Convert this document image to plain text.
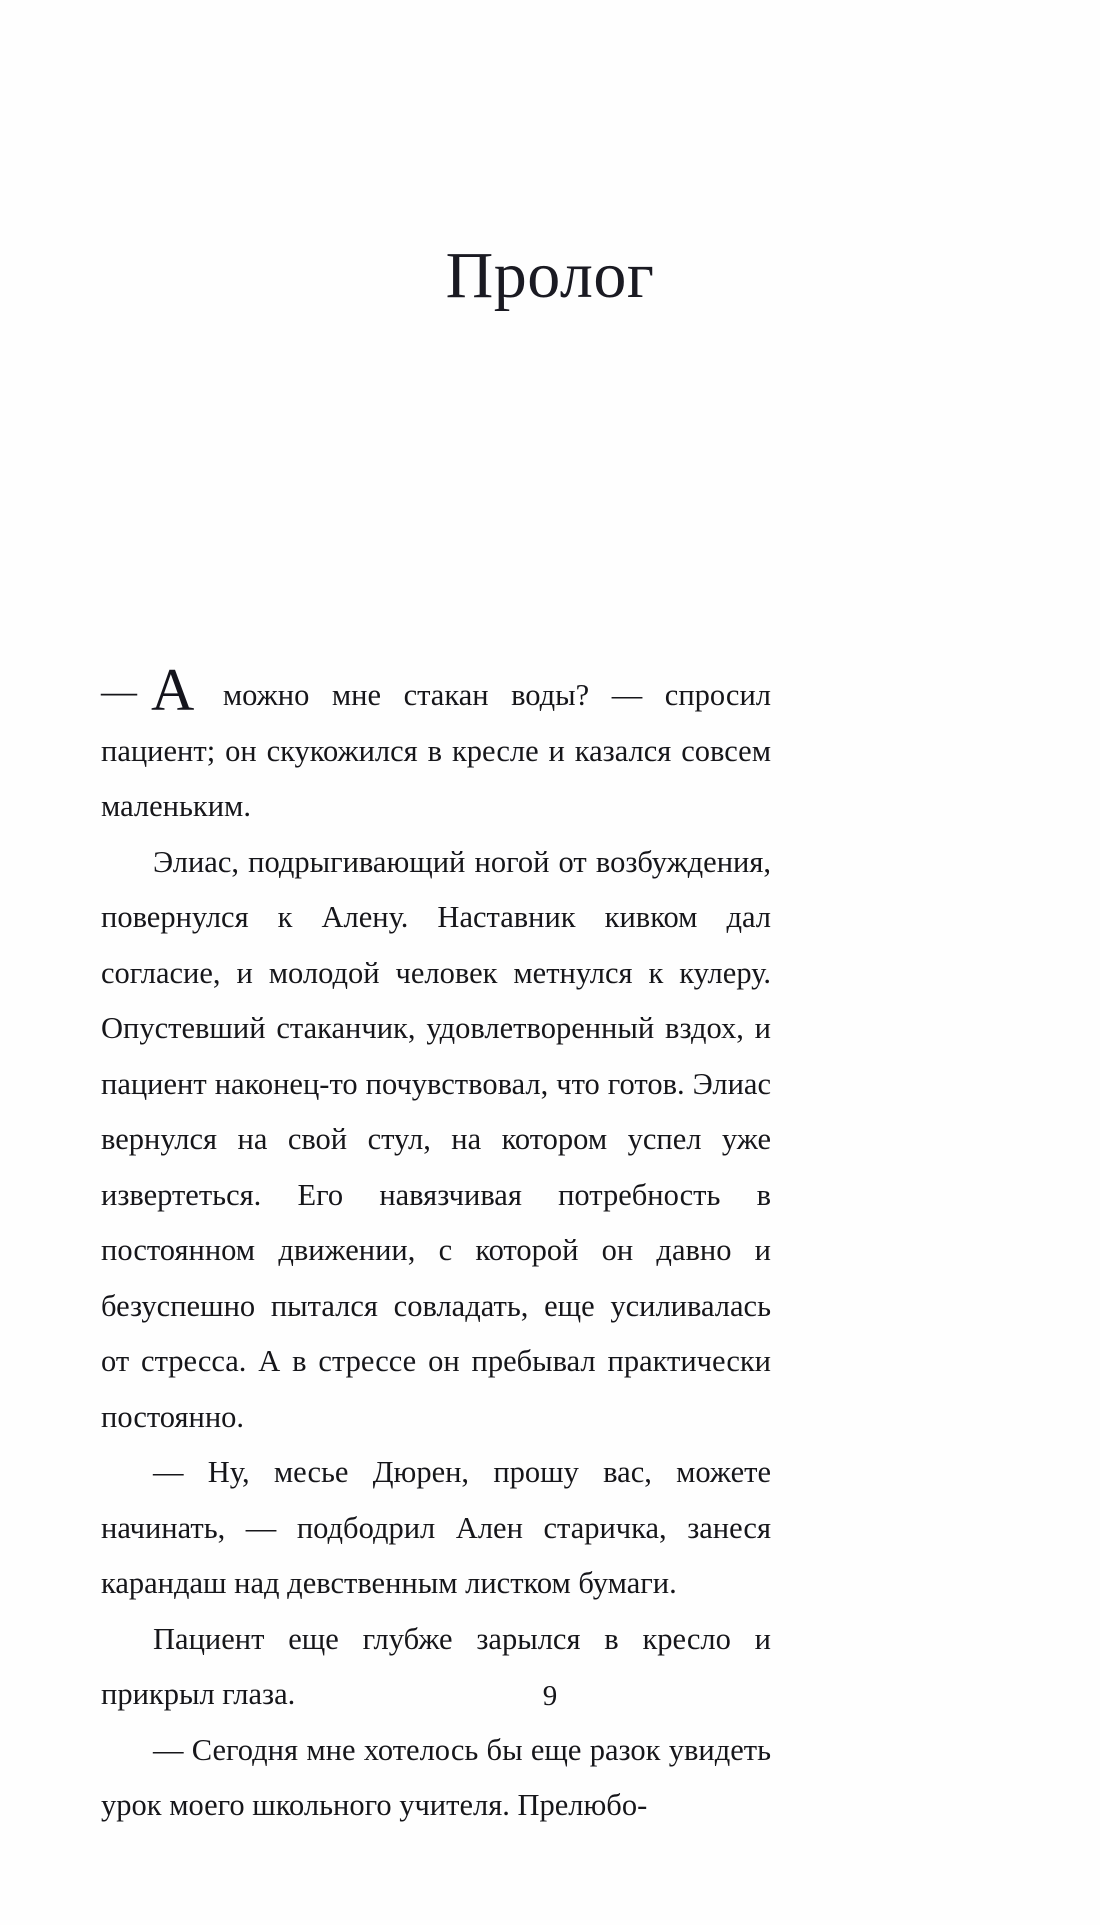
Пролог

— А можно мне стакан воды? — спросил пациент; он скукожился в кресле и казался совсем маленьким.

Элиас, подрыгивающий ногой от возбуждения, повернулся к Алену. Наставник кивком дал согласие, и молодой человек метнулся к кулеру. Опустевший стаканчик, удовлетворенный вздох, и пациент наконец-то почувствовал, что готов. Элиас вернулся на свой стул, на котором успел уже извертеться. Его навязчивая потребность в постоянном движении, с которой он давно и безуспешно пытался совладать, еще усиливалась от стресса. А в стрессе он пребывал практически постоянно.

— Ну, месье Дюрен, прошу вас, можете начинать, — подбодрил Ален старичка, занеся карандаш над девственным листком бумаги.

Пациент еще глубже зарылся в кресло и прикрыл глаза.

— Сегодня мне хотелось бы еще разок увидеть урок моего школьного учителя. Прелюбо-

9
